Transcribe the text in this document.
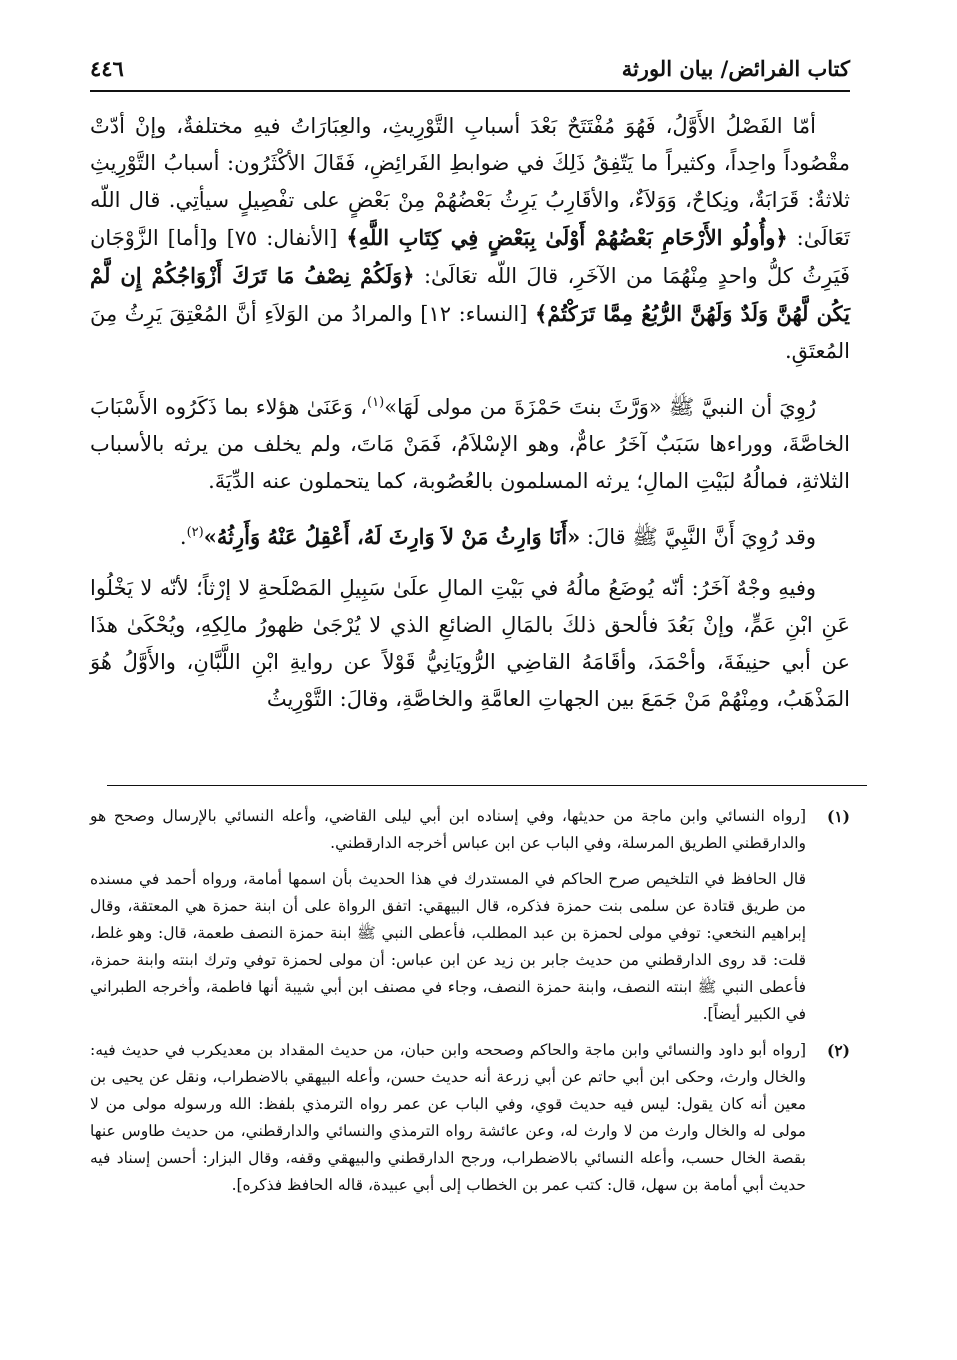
كتاب الفرائض/ بيان الورثة
٤٤٦

أمّا الفَصْلُ الأَوَّلُ، فَهُوَ مُفْتَتَحٌ بَعْدَ أسبابِ التَّوْرِيثِ، والعِبَارَاتُ فيهِ مختلفةٌ، وإنْ أدّتْ مقْصُوداً واحِداً، وكثيراً ما يَتّفِقُ ذَلِكَ في ضوابطِ الفَرائِضِ، فَقَالَ الأكْثَرُون: أسبابُ التَّوْرِيثِ ثلاثةٌ: قَرَابَةٌ، ونِكاحٌ، وَوَلاَءٌ، والأقَارِبُ يَرِثُ بَعْضُهُمْ مِنْ بَعْضٍ على تفْصِيلٍ سيأتِي. قال اللّه تَعَالَىٰ: ﴿وأُولُو الأَرْحَامِ بَعْضُهُمْ أَوْلَىٰ بِبَعْضٍ فِي كِتَابِ اللَّهِ﴾ [الأنفال: ٧٥] و[أما] الزَّوْجَان فَيَرِثُ كلُّ واحدٍ مِنْهُمَا من الآخَرِ، قالَ اللّه تعَالَىٰ: ﴿وَلَكُمْ نِصْفُ مَا تَرَكَ أَزْوَاجُكُمْ إِن لَّمْ يَكُن لَّهُنَّ وَلَدٌ وَلَهُنَّ الرُّبُعُ مِمَّا تَرَكْتُمْ﴾ [النساء: ١٢] والمرادُ من الوَلاَءِ أنَّ المُعْتِقَ يَرِثُ مِنَ المُعتَقِ.

رُوِيَ أن النبيَّ ﷺ «وَرَّثَ بنتَ حَمْزَةَ من مولى لَهَا»$^{(١)}$، وَعَنَىٰ هؤلاء بما ذَكَرُوه الأَسْبَابَ الخاصَّةَ، ووراءها سَبَبٌ آخَرُ عامٌّ، وهو الإسْلاَمُ، فَمَنْ مَاتَ، ولم يخلف من يرثه بالأسباب الثلاثةِ، فمالُهُ لبَيْتِ المالِ؛ يرثه المسلمون بالعُصُوبة، كما يتحملون عنه الدِّيَةَ.

وقد رُوِيَ أَنَّ النَّبِيَّ ﷺ قالَ: «أَنَا وَارِثُ مَنْ لاَ وَارِثَ لَهُ، أَعْقِلُ عَنْهُ وَأَرِثُهُ»$^{(٢)}$.

وفيهِ وجْهٌ آخَرُ: أنّه يُوضَعُ مالُهُ في بَيْتِ المالِ علَىٰ سَبِيلِ المَصْلَحةِ لا إرْثاً؛ لأنّه لا يَخْلُوا عَنِ ابْنِ عَمٍّ، وإنْ بَعُدَ فألحق ذلكَ بالمَالِ الضائعِ الذي لا يُرْجَىٰ ظهورُ مالِكِهِ، ويُحْكَىٰ هذَا عن أبي حنِيفَةَ، وأحْمَدَ، وأقَامَهُ القاضِي الرُّويَانِيُّ قَوْلاً عن روايةِ ابْنِ اللَّبَّانِ، والأَوَّلُ هُوَ المَذْهَبُ، ومِنْهُمْ مَنْ جَمَعَ بين الجهاتِ العامَّةِ والخاصَّةِ، وقالَ: التَّوْرِيثُ

(١)
[رواه النسائي وابن ماجة من حديثها، وفي إسناده ابن أبي ليلى القاضي، وأعله النسائي بالإرسال وصحح هو والدارقطني الطريق المرسلة، وفي الباب عن ابن عباس أخرجه الدارقطني.
قال الحافظ في التلخيص صرح الحاكم في المستدرك في هذا الحديث بأن اسمها أمامة، ورواه أحمد في مسنده من طريق قتادة عن سلمى بنت حمزة فذكره، قال البيهقي: اتفق الرواة على أن ابنة حمزة هي المعتقة، وقال إبراهيم النخعي: توفي مولى لحمزة بن عبد المطلب، فأعطى النبي ﷺ ابنة حمزة النصف طعمة، قال: وهو غلط، قلت: قد روى الدارقطني من حديث جابر بن زيد عن ابن عباس: أن مولى لحمزة توفي وترك ابنته وابنة حمزة، فأعطى النبي ﷺ ابنته النصف، وابنة حمزة النصف، وجاء في مصنف ابن أبي شيبة أنها فاطمة، وأخرجه الطبراني في الكبير أيضاً].
(٢)
[رواه أبو داود والنسائي وابن ماجة والحاكم وصححه وابن حبان، من حديث المقداد بن معديكرب في حديث فيه: والخال وارث، وحكى ابن أبي حاتم عن أبي زرعة أنه حديث حسن، وأعله البيهقي بالاضطراب، ونقل عن يحيى بن معين أنه كان يقول: ليس فيه حديث قوي، وفي الباب عن عمر رواه الترمذي بلفظ: الله ورسوله مولى من لا مولى له والخال وارث من لا وارث له، وعن عائشة رواه الترمذي والنسائي والدارقطني، من حديث طاوس عنها بقصة الخال حسب، وأعله النسائي بالاضطراب، ورجح الدارقطني والبيهقي وقفه، وقال البزار: أحسن إسناد فيه حديث أبي أمامة بن سهل، قال: كتب عمر بن الخطاب إلى أبي عبيدة، قاله الحافظ فذكره].
